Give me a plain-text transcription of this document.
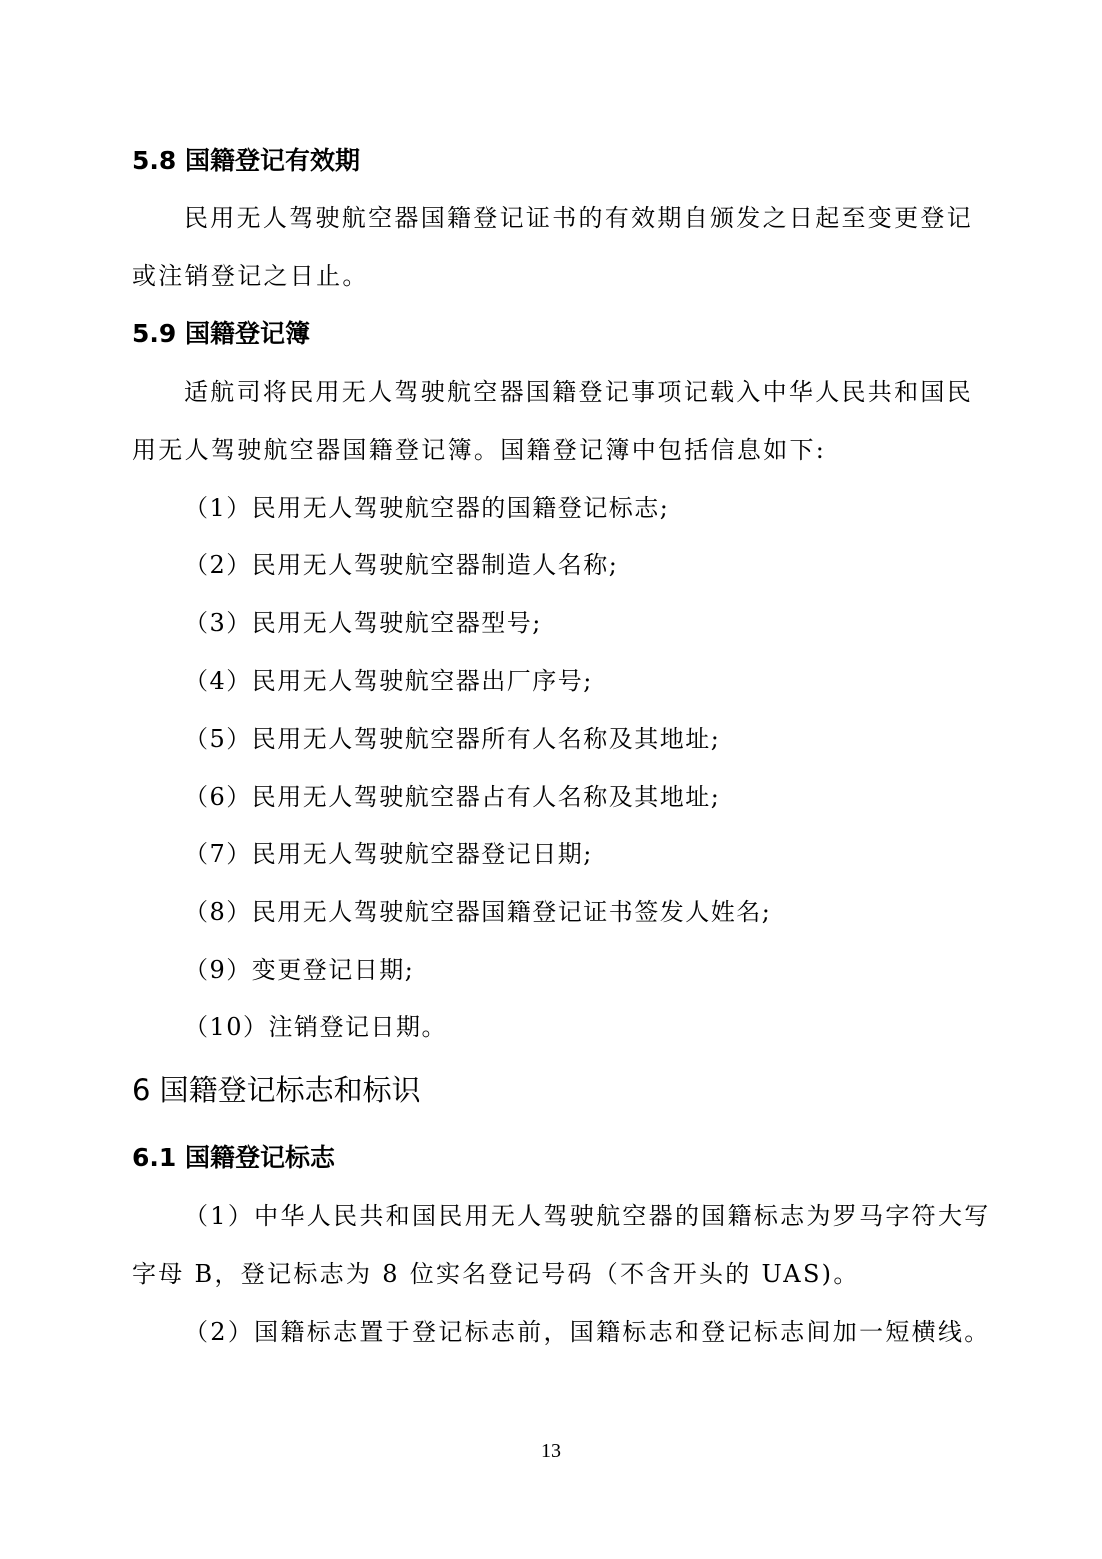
5.8 国籍登记有效期
民用无人驾驶航空器国籍登记证书的有效期自颁发之日起至变更登记
或注销登记之日止。
5.9 国籍登记簿
适航司将民用无人驾驶航空器国籍登记事项记载入中华人民共和国民
用无人驾驶航空器国籍登记簿。国籍登记簿中包括信息如下:
（1）民用无人驾驶航空器的国籍登记标志;
（2）民用无人驾驶航空器制造人名称;
（3）民用无人驾驶航空器型号;
（4）民用无人驾驶航空器出厂序号;
（5）民用无人驾驶航空器所有人名称及其地址;
（6）民用无人驾驶航空器占有人名称及其地址;
（7）民用无人驾驶航空器登记日期;
（8）民用无人驾驶航空器国籍登记证书签发人姓名;
（9）变更登记日期;
（10）注销登记日期。
6 国籍登记标志和标识
6.1 国籍登记标志
（1）中华人民共和国民用无人驾驶航空器的国籍标志为罗马字符大写
字母 B，登记标志为 8 位实名登记号码（不含开头的 UAS)。
（2）国籍标志置于登记标志前，国籍标志和登记标志间加一短横线。
13
